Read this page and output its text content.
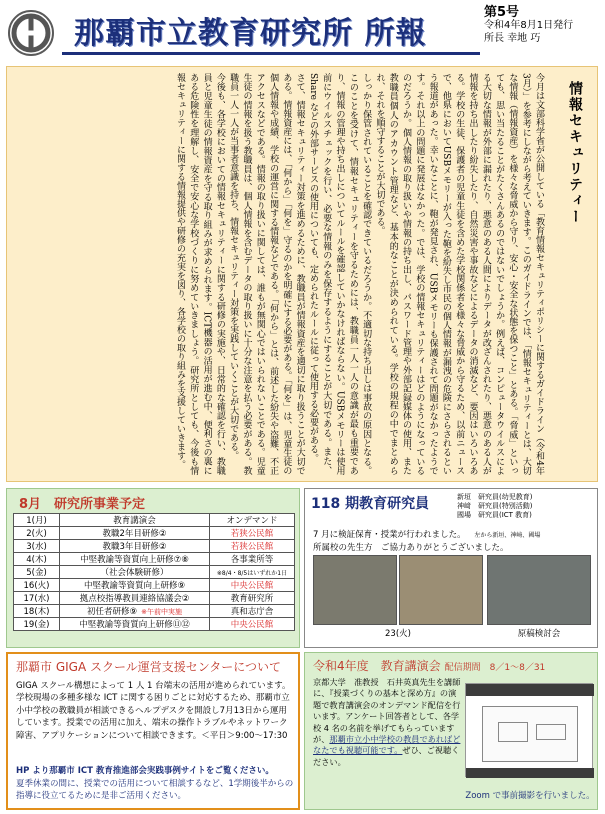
那覇市立教育研究所 所報
第5号
令和4年8月1日発行
所長 幸地 巧
情報セキュリティー

今月は文部科学省が公開している「教育情報セキュリティポリシーに関するガイドライン（令和4年3月）」を参考にしながら考えていきます。このガイドラインでは、「情報セキュリティーとは、大切な情報（情報資産）を様々な脅威から守り、安心・安全な状態を保つこと」とある。「脅威」といっても、思い当たることがたくさんあるのではないでしょうか。例えば、コンピュータウイルスによる大切な情報が外部に漏れたり、悪意のある人間によりデータが改ざんされたり、悪意のある人が情報を持ち出したり紛失したり、自然災害や事故などによるデータの消滅など、要因はいろいろある。学校の生徒、保護者の児童生徒を含めた学校関係者を様々な脅威から守るため、以前ニュースで、他県においてUSBメモリーが入った鞄を紛失し市民の個人情報が漏洩の危険にさらされるという報道があった。幸いなことに、鞄が発見され、USBメモリーも保護されて問題がなかったようです。それ以上の問題に発展はなかった。では、学校の情報セキュリティーはどのようになっているのだろうか。個人情報の取り扱いや情報の持ち出し、パスワード管理や外部記録媒体の使用、また教職員個人のアカウント管理など、基本的なことが決められている。学校の規程の中でまとめられ、それを順守することが大切である。

しっかり保管されていることを確認できているだろうか。不適切な持ち出しは事故の原因となる。このことを受けて、情報セキュリティーを守るためには、教職員一人一人の意識が最も重要であり、情報の管理や持ち出しについてルールを確認していかなければならない。USBメモリーは使用前にウイルスチェックを行い、必要な情報のみを保存するようにすることが大切である。また、Share などの外部サービスの使用についても、定められたルールに従って使用する必要がある。

さて、情報セキュリティー対策を進めるために、教職員が情報資産を適切に取り扱うことが大切である。情報資産には、「何から」「何を」守るのかを明確にする必要がある。「何を」は、児童生徒の個人情報や成績、学校の運営に関する情報などである。「何から」とは、前述した紛失や盗難、不正アクセスなどである。情報の取り扱いに関しては、誰もが無関心ではいられないことである。児童生徒の情報を扱う教職員は、個人情報を含むデータの取り扱いに十分な注意を払う必要がある。教職員一人一人が当事者意識を持ち、情報セキュリティー対策を実践していくことが大切である。

今後も、各学校においての情報セキュリティーに関する研修の実施や、日常的な確認を行い、教職員と児童生徒の情報資産を守る取り組みが求められます。ICT機器の活用が進む中、便利さの裏にある危険性を理解し、安全で安心な学校づくりに努めていきましょう。研究所としても、今後も情報セキュリティーに関する情報提供や研修の充実を図り、各学校の取り組みを支援していきます。

8月　研究所事業予定
1(月)	教育講演会	オンデマンド
2(火)	教職2年目研修②	若狭公民館
3(水)	教職3年目研修②	若狭公民館
4(木)	中堅教諭等資質向上研修⑦⑧	各事業所等
5(金)	（社会体験研修）	※8/4・8/5はいずれか1日
16(火)	中堅教諭等資質向上研修⑨	中央公民館
17(水)	拠点校指導教員連絡協議会②	教育研究所
18(木)	初任者研修⑨ ※午前中実施	真和志庁舎
19(金)	中堅教諭等資質向上研修⑪⑫	中央公民館
118 期教育研究員	新垣　研究員(幼児教育)
神﨑　研究員(特別活動)
國場　研究員(ICT 教育)
7 月に検証保育・授業が行われました。 左から新垣、神﨑、國場
所属校の先生方　ご協力ありがとうございました。
23(火)	原稿検討会
那覇市 GIGA スクール運営支援センターについて
GIGA スクール構想によって 1 人 1 台端末の活用が進められています。学校現場の多種多様な ICT に関する困りごとに対応するため、那覇市立小中学校の教職員が相談できるヘルプデスクを開設し7月13日から運用しています。授業での活用に加え、端末の操作トラブルやネットワーク障害、アプリケーションについて相談できます。＜平日＞9:00～17:30
HP より那覇市 ICT 教育推進部会実践事例サイトをご覧ください。
夏季休業の間に、授業での活用について相談するなど、1学期後半からの指導に役立てるために是非ご活用ください。
令和4年度　教育講演会 配信期間　8／1～8／31
京都大学　准教授　石井英真先生を講師に、『授業づくりの基本と深め方』の演題で教育講演会のオンデマンド配信を行います。アンケート回答者として、各学校 4 名の名前を挙げてもらっていますが、那覇市立小中学校の教員であればどなたでも視聴可能です。ぜひ、ご視聴ください。
Zoom で事前撮影を行いました。
